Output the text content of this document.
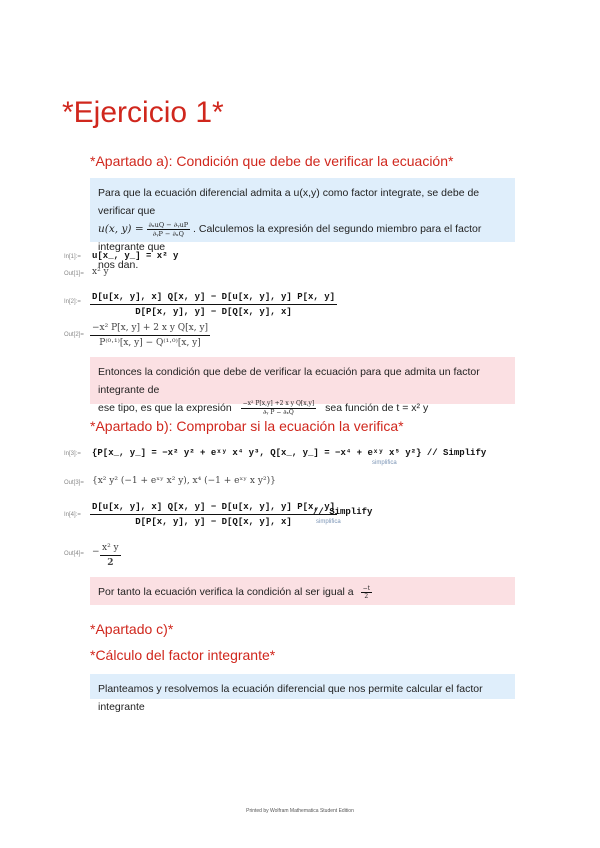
*Ejercicio 1*
*Apartado a): Condición que debe de verificar la ecuación*
Para que la ecuación diferencial admita a u(x,y) como factor integrate, se debe de verificar que
u(x, $y) = \frac{\text{∂ₓuQ − ∂ᵧuP}}{\text{∂ᵧP − ∂ₓQ}}$ . Calculemos la expresión del segundo miembro para el factor integrante que
nos dan.
In[1]:= u[x_, y_] = x² y
Out[1]= x² y
In[2]:= $\frac{D[u[x, y], x] Q[x, y] - D[u[x, y], y] P[x, y]}{D[P[x, y], y] - D[Q[x, y], x]}$
$Out[2]= \frac{\text{−x² P[x, y] + 2 x y Q[x, y]}}{\text{P⁽⁰·¹⁾[x, y] − Q⁽¹·⁰⁾[x, y]}}$
Entonces la condición que debe de verificar la ecuación para que admita un factor integrante de
ese tipo, es que la expresión $\frac{\text{−x² P[x,y] +2 x y Q[x,y]}}{\text{∂ᵧ P − ∂ₓQ}}$ sea función de t = x² y
*Apartado b): Comprobar si la ecuación la verifica*
In[3]:= {P[x_, y_] = −x² y² + eˣʸ x⁴ y³, Q[x_, y_] = −x⁴ + eˣʸ x⁵ y²} // Simplify
simplifica
Out[3]= {x² y² (−1 + eˣʸ x² y), x⁴ (−1 + eˣʸ x y²)}
In[4]:= $\frac{D[u[x, y], x] Q[x, y] - D[u[x, y], y] P[x, y]}{D[P[x, y], y] - D[Q[x, y], x]}$
// Simplify
simplifica
$Out[4]= - \frac{\text{x² y}}{2}$
Por tanto la ecuación verifica la condición al ser igual a $\frac{-t}{2}$
*Apartado c)*
*Cálculo del factor integrante*
Planteamos y resolvemos la ecuación diferencial que nos permite calcular el factor integrante
Printed by Wolfram Mathematica Student Edition
